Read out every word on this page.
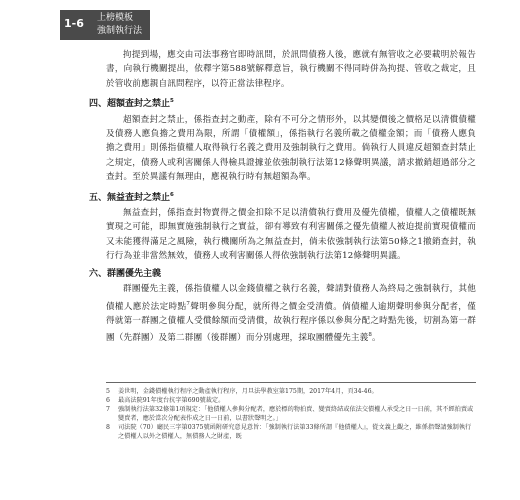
1-6 上榜模板
強制執行法

拘提到場，應交由司法事務官即時訊問，於訊問債務人後，應就有無管收之必要載明於報告書，向執行機關提出，依釋字第588號解釋意旨，執行機關不得同時併為拘提、管收之裁定，且於管收前應親自訊問程序，以符正當法律程序。

四、超額查封之禁止$^5$

超額查封之禁止，係指查封之動產，除有不可分之情形外，以其變價後之價格足以清償債權及債務人應負擔之費用為限，所謂「債權額」，係指執行名義所載之債權金額；而「債務人應負擔之費用」則係指債權人取得執行名義之費用及強制執行之費用。倘執行人員違反超額查封禁止之規定，債務人或利害關係人得檢具證據並依強制執行法第12條聲明異議，請求撤銷超過部分之查封。至於異議有無理由，應視執行時有無超額為準。

五、無益查封之禁止$^6$

無益查封，係指查封物賣得之價金扣除不足以清償執行費用及優先債權，債權人之債權既無實現之可能，即無實施強制執行之實益，卻有導致有利害關係之優先債權人被迫提前實現債權而又未能獲得滿足之風險，執行機關所為之無益查封，倘未依強制執行法第50條之1撤銷查封，執行行為並非當然無效，債務人或利害關係人得依強制執行法第12條聲明異議。

六、群團優先主義

群團優先主義，係指債權人以金錢債權之執行名義，聲請對債務人為終局之強制執行，其他債權人應於法定時點$^7$聲明參與分配，就所得之價金受清償。倘債權人逾期聲明參與分配者，僅得就第一群團之債權人受償餘額而受清償，故執行程序係以參與分配之時點先後，切割為第一群團（先群團）及第二群團（後群團）而分別處理，採取團體優先主義$^8$。

5 姜世明，金錢債權執行程序之動產執行程序，月旦法學教室第175期，2017年4月，頁34-46。

6 最高法院91年度台抗字第690號裁定。

7 強制執行法第32條第1項規定：「他債權人參與分配者，應於標的物拍賣、變賣終結或依法交債權人承受之日一日前，其不經拍賣或變賣者，應於當次分配表作成之日一日前，以書狀聲明之。」

8 司法院（70）廳民三字第0375號函附研究意見意旨：「強制執行法第33條所謂『他債權人』，從文義上觀之，維係指聲請強制執行之債權人以外之債權人，無債務人之財產，既
